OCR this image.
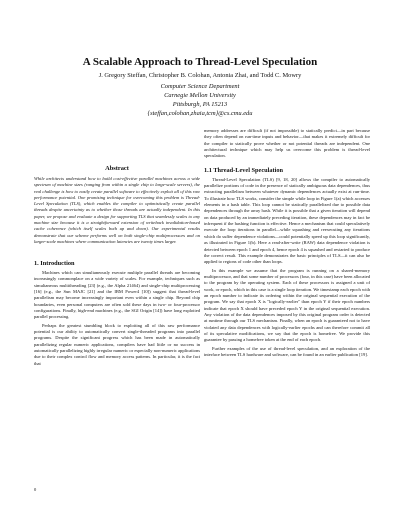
A Scalable Approach to Thread-Level Speculation
J. Gregory Steffan, Christopher B. Colohan, Antonia Zhai, and Todd C. Mowry
Computer Science Department
Carnegie Mellon University
Pittsburgh, PA 15213
{steffan,colohan,zhaia,tcm}@cs.cmu.edu
Abstract
While architects understand how to build cost-effective parallel machines across a wide spectrum of machine sizes (ranging from within a single chip to large-scale servers), the real challenge is how to easily create parallel software to effectively exploit all of this raw performance potential. One promising technique for overcoming this problem is Thread-Level Speculation (TLS), which enables the compiler to optimistically create parallel threads despite uncertainty as to whether those threads are actually independent. In this paper, we propose and evaluate a design for supporting TLS that seamlessly scales to any machine size because it is a straightforward extension of writeback invalidation-based cache coherence (which itself scales both up and down). Our experimental results demonstrate that our scheme performs well on both single-chip multiprocessors and on larger-scale machines where communication latencies are twenty times larger.
1. Introduction

Machines which can simultaneously execute multiple parallel threads are becoming increasingly commonplace on a wide variety of scales. For example, techniques such as simultaneous multithreading [23] (e.g., the Alpha 21464) and single-chip multiprocessing [16] (e.g., the Sun MAJC [21] and the IBM Power4 [10]) suggest that thread-level parallelism may become increasingly important even within a single chip. Beyond chip boundaries, even personal computers are often sold these days in two- or four-processor configurations. Finally, high-end machines (e.g., the SGI Origin [14]) have long exploited parallel processing.

Perhaps the greatest stumbling block to exploiting all of this raw performance potential is our ability to automatically convert single-threaded programs into parallel programs. Despite the significant progress which has been made in automatically parallelizing regular numeric applications, compilers have had little or no success in automatically parallelizing highly irregular numeric or especially non-numeric applications due to their complex control flow and memory access patterns. In particular, it is the fact that

memory addresses are difficult (if not impossible) to statically predict—in part because they often depend on run-time inputs and behavior—that makes it extremely difficult for the compiler to statically prove whether or not potential threads are independent. One architectural technique which may help us overcome this problem is thread-level speculation.

1.1 Thread-Level Speculation

Thread-Level Speculation (TLS) [9, 18, 20] allows the compiler to automatically parallelize portions of code in the presence of statically ambiguous data dependences, thus extracting parallelism between whatever dynamic dependences actually exist at run-time. To illustrate how TLS works, consider the simple while loop in Figure 1(a) which accesses elements in a hash table. This loop cannot be statically parallelized due to possible data dependences through the array hash. While it is possible that a given iteration will depend on data produced by an immediately preceding iteration, these dependences may in fact be infrequent if the hashing function is effective. Hence a mechanism that could speculatively execute the loop iterations in parallel—while squashing and reexecuting any iterations which do suffer dependence violations—could potentially speed up this loop significantly, as illustrated in Figure 1(b). Here a read-after-write (RAW) data dependence violation is detected between epoch 1 and epoch 4, hence epoch 4 is squashed and restarted to produce the correct result. This example demonstrates the basic principles of TLS—it can also be applied to regions of code other than loops.

In this example we assume that the program is running on a shared-memory multiprocessor, and that some number of processors (four, in this case) have been allocated to the program by the operating system. Each of these processors is assigned a unit of work, or epoch, which in this case is a single loop iteration. We timestamp each epoch with an epoch number to indicate its ordering within the original sequential execution of the program. We say that epoch X is "logically-earlier" than epoch Y if their epoch numbers indicate that epoch X should have preceded epoch Y in the original sequential execution. Any violation of the data dependences imposed by this original program order is detected at runtime through our TLS mechanism. Finally, when an epoch is guaranteed not to have violated any data dependences with logically-earlier epochs and can therefore commit all of its speculative modifications, we say that the epoch is homefree. We provide this guarantee by passing a homefree token at the end of each epoch.

Further examples of the use of thread-level speculation, and an exploration of the interface between TLS hardware and software, can be found in an earlier publication [19].

0
